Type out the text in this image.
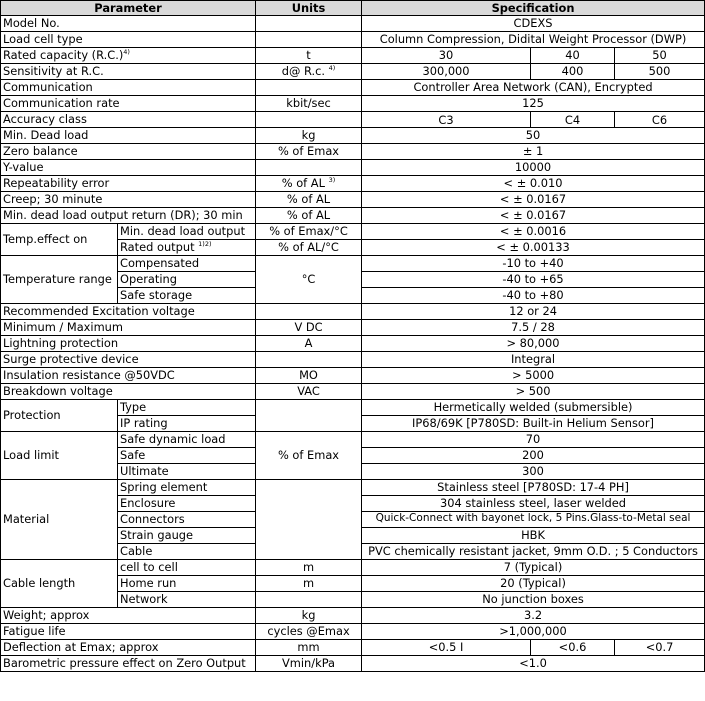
Parameter		Units	Specification		
Model No.			CDEXS		
Load cell type			Column Compression, Didital Weight Processor (DWP)		
Rated capacity $(R.C.)^{4)}$		t	30	40	50
Sensitivity at R.C.		d@ R.c. $^{4)}$	300,000	400	500
Communication			Controller Area Network (CAN), Encrypted		
Communication rate		kbit/sec	125		
Accuracy class			C3	C4	C6
Min. Dead load		kg	50		
Zero balance		% of Emax	± 1		
Y-value			10000		
Repeatability error		% of AL $^{3)}$	< ± 0.010		
Creep; 30 minute		% of AL	< ± 0.0167		
Min. dead load output return (DR); 30 min		% of AL	< ± 0.0167		
Temp.effect on	Min. dead load output	% of Emax/°C	< ± 0.0016		
	Rated output $^{1)2)}$	% of AL/°C	< ± 0.00133		
Temperature range	Compensated	°C	-10 to +40		
	Operating		-40 to +65		
	Safe storage		-40 to +80		
Recommended Excitation voltage			12 or 24		
Minimum / Maximum		V DC	7.5 / 28		
Lightning protection		A	> 80,000		
Surge protective device			Integral		
Insulation resistance @50VDC		MO	> 5000		
Breakdown voltage		VAC	> 500		
Protection	Type		Hermetically welded (submersible)		
	IP rating		IP68/69K [P780SD: Built-in Helium Sensor]		
Load limit	Safe dynamic load	% of Emax	70		
	Safe		200		
	Ultimate		300		
Material	Spring element		Stainless steel [P780SD: 17-4 PH]		
	Enclosure		304 stainless steel, laser welded		
	Connectors		Quick-Connect with bayonet lock, 5 Pins.Glass-to-Metal seal		

	Strain gauge		HBK		
	Cable		PVC chemically resistant jacket, 9mm O.D. ; 5 Conductors		
Cable length	cell to cell	m	7 (Typical)		
	Home run	m	20 (Typical)		
	Network		No junction boxes		
Weight; approx		kg	3.2		
Fatigue life		cycles @Emax	>1,000,000		
Deflection at Emax; approx		mm	<0.5 I	<0.6	<0.7
Barometric pressure effect on Zero Output		Vmin/kPa	<1.0		
